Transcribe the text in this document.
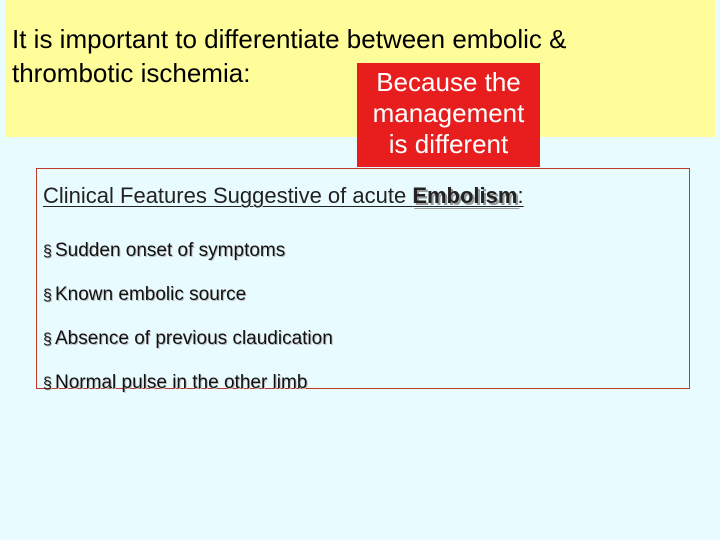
It is important to differentiate between embolic &
thrombotic ischemia:	Because the
management
is different
Clinical Features Suggestive of acute Embolism:
§ Sudden onset of symptoms
§ Known embolic source
§ Absence of previous claudication
§ Normal pulse in the other limb
